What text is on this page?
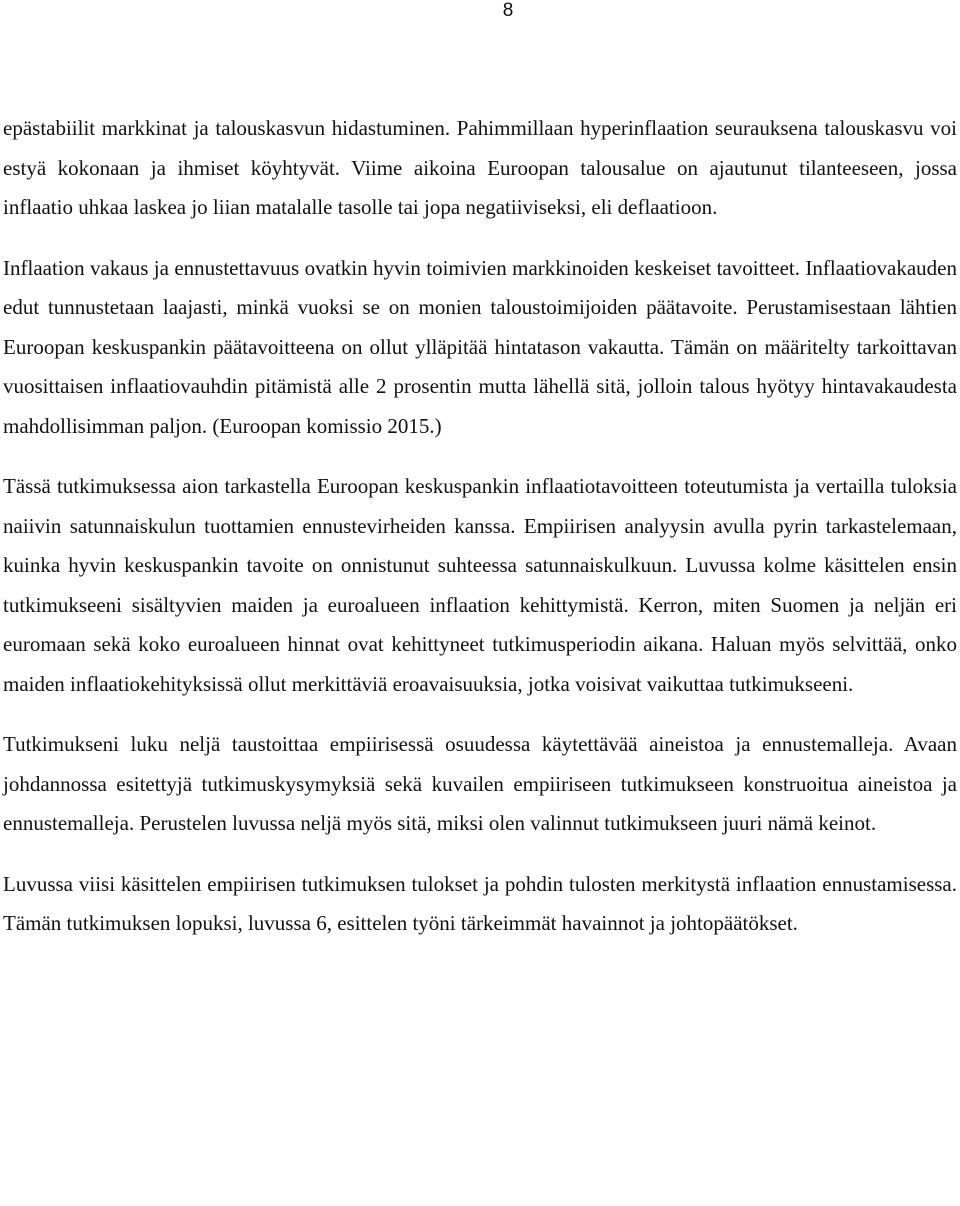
8

epästabiilit markkinat ja talouskasvun hidastuminen. Pahimmillaan hyperinflaation seurauksena talouskasvu voi estyä kokonaan ja ihmiset köyhtyvät. Viime aikoina Euroopan talousalue on ajautunut tilanteeseen, jossa inflaatio uhkaa laskea jo liian matalalle tasolle tai jopa negatiiviseksi, eli deflaatioon.

Inflaation vakaus ja ennustettavuus ovatkin hyvin toimivien markkinoiden keskeiset tavoitteet. Inflaatiovakauden edut tunnustetaan laajasti, minkä vuoksi se on monien taloustoimijoiden päätavoite. Perustamisestaan lähtien Euroopan keskuspankin päätavoitteena on ollut ylläpitää hintatason vakautta. Tämän on määritelty tarkoittavan vuosittaisen inflaatiovauhdin pitämistä alle 2 prosentin mutta lähellä sitä, jolloin talous hyötyy hintavakaudesta mahdollisimman paljon. (Euroopan komissio 2015.)

Tässä tutkimuksessa aion tarkastella Euroopan keskuspankin inflaatiotavoitteen toteutumista ja vertailla tuloksia naiivin satunnaiskulun tuottamien ennustevirheiden kanssa. Empiirisen analyysin avulla pyrin tarkastelemaan, kuinka hyvin keskuspankin tavoite on onnistunut suhteessa satunnaiskulkuun. Luvussa kolme käsittelen ensin tutkimukseeni sisältyvien maiden ja euroalueen inflaation kehittymistä. Kerron, miten Suomen ja neljän eri euromaan sekä koko euroalueen hinnat ovat kehittyneet tutkimusperiodin aikana. Haluan myös selvittää, onko maiden inflaatiokehityksissä ollut merkittäviä eroavaisuuksia, jotka voisivat vaikuttaa tutkimukseeni.

Tutkimukseni luku neljä taustoittaa empiirisessä osuudessa käytettävää aineistoa ja ennustemalleja. Avaan johdannossa esitettyjä tutkimuskysymyksiä sekä kuvailen empiiriseen tutkimukseen konstruoitua aineistoa ja ennustemalleja. Perustelen luvussa neljä myös sitä, miksi olen valinnut tutkimukseen juuri nämä keinot.

Luvussa viisi käsittelen empiirisen tutkimuksen tulokset ja pohdin tulosten merkitystä inflaation ennustamisessa. Tämän tutkimuksen lopuksi, luvussa 6, esittelen työni tärkeimmät havainnot ja johtopäätökset.
